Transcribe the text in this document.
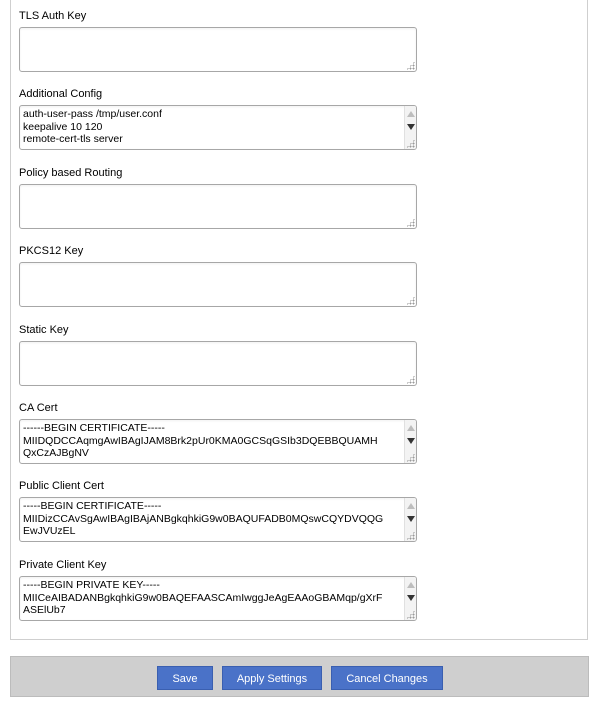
TLS Auth Key
Additional Config
auth-user-pass /tmp/user.conf keepalive 10 120 remote-cert-tls server
Policy based Routing
PKCS12 Key
Static Key
CA Cert
------BEGIN CERTIFICATE----- MIIDQDCCAqmgAwIBAgIJAM8Brk2pUr0KMA0GCSqGSIb3DQEBBQUAMH QxCzAJBgNV
Public Client Cert
-----BEGIN CERTIFICATE----- MIIDizCCAvSgAwIBAgIBAjANBgkqhkiG9w0BAQUFADB0MQswCQYDVQQG EwJVUzEL
Private Client Key
-----BEGIN PRIVATE KEY----- MIICeAIBADANBgkqhkiG9w0BAQEFAASCAmIwggJeAgEAAoGBAMqp/gXrF ASElUb7
Save	Apply Settings	Cancel Changes
